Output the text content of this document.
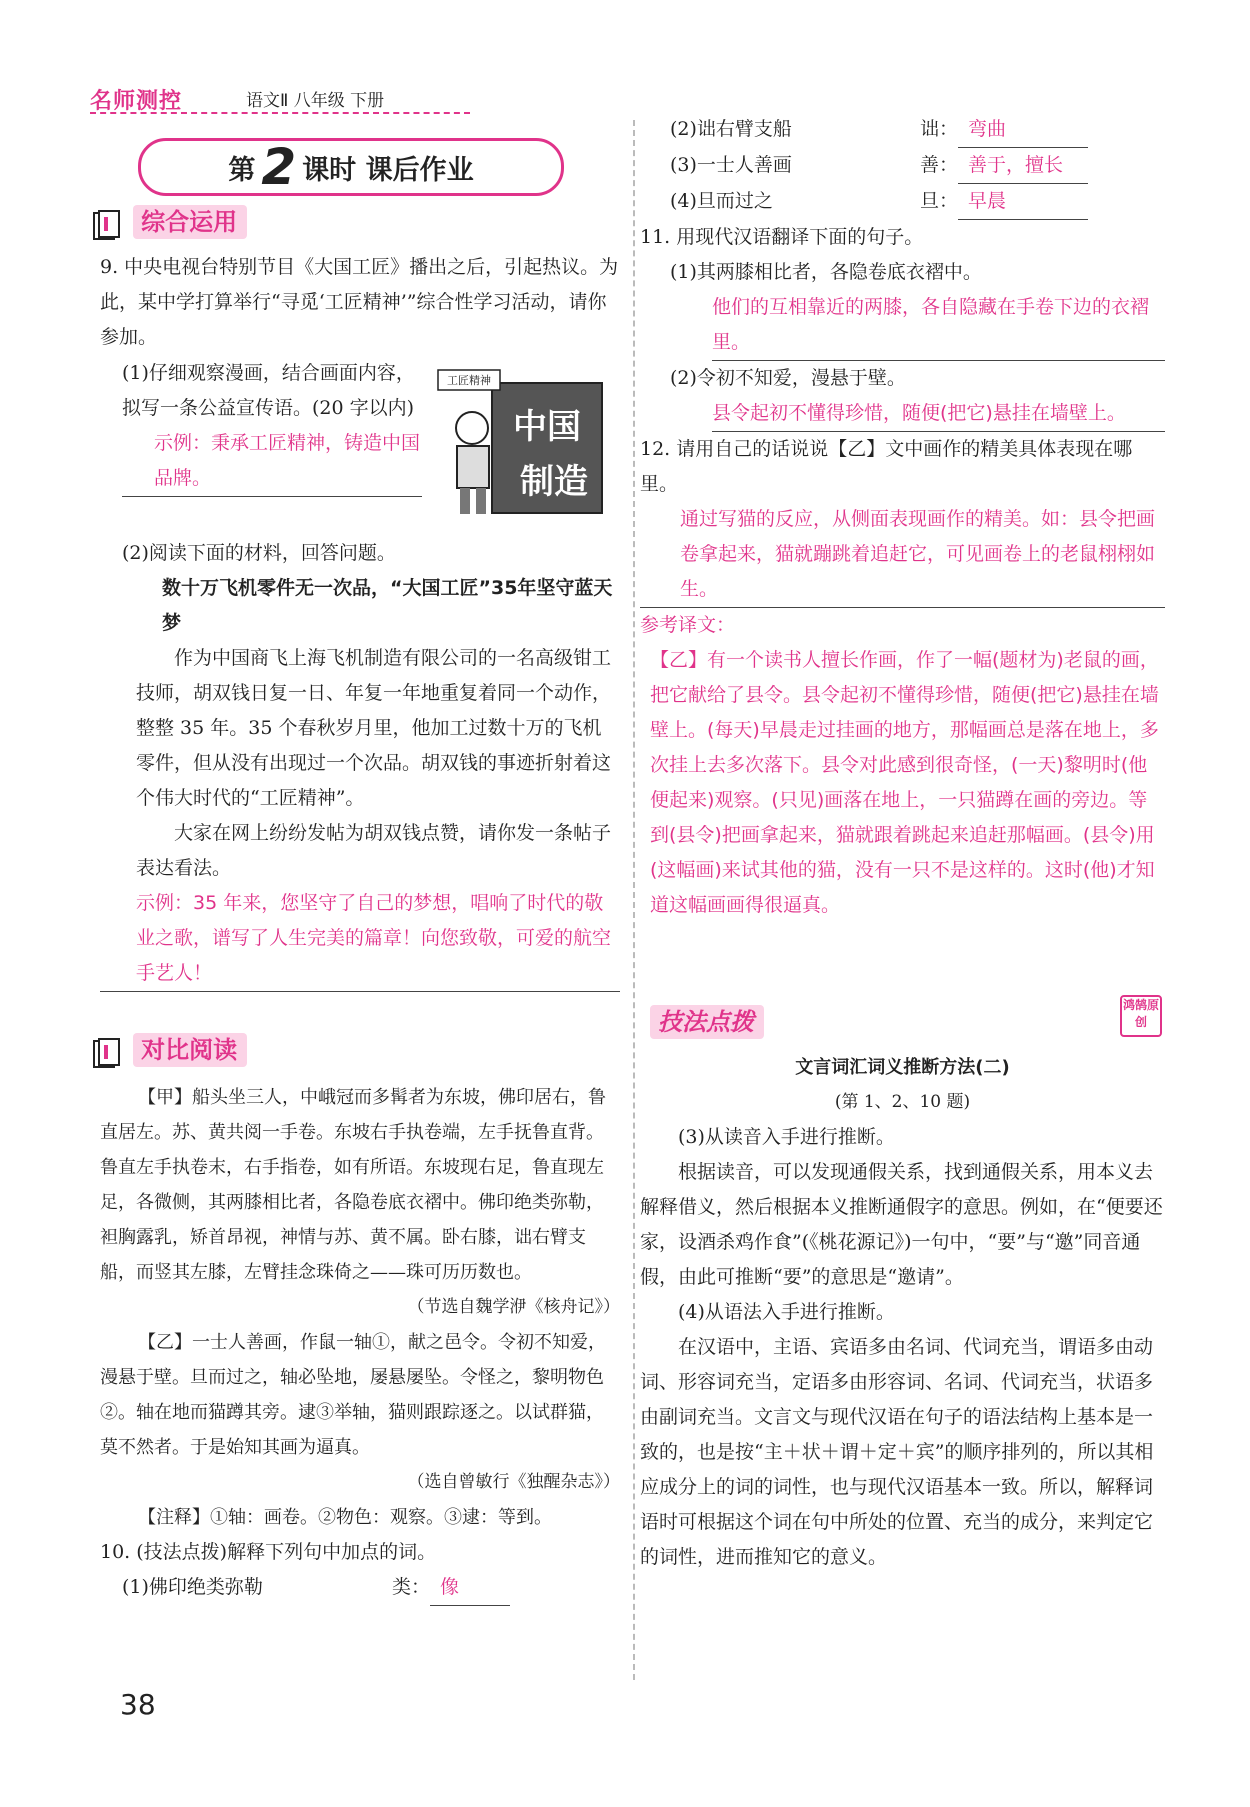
名师测控	语文Ⅱ 八年级 下册
第 2 课时 课后作业
综合运用

9. 中央电视台特别节目《大国工匠》播出之后，引起热议。为此，某中学打算举行“寻觅‘工匠精神’”综合性学习活动，请你参加。

(1)仔细观察漫画，结合画面内容，拟写一条公益宣传语。(20 字以内)

示例：秉承工匠精神，铸造中国品牌。
工匠精神
中国
制造

(2)阅读下面的材料，回答问题。

数十万飞机零件无一次品，“大国工匠”35年坚守蓝天梦

作为中国商飞上海飞机制造有限公司的一名高级钳工技师，胡双钱日复一日、年复一年地重复着同一个动作，整整 35 年。35 个春秋岁月里，他加工过数十万的飞机零件，但从没有出现过一个次品。胡双钱的事迹折射着这个伟大时代的“工匠精神”。

大家在网上纷纷发帖为胡双钱点赞，请你发一条帖子表达看法。

示例：35 年来，您坚守了自己的梦想，唱响了时代的敬业之歌，谱写了人生完美的篇章！向您致敬，可爱的航空手艺人！
对比阅读

【甲】船头坐三人，中峨冠而多髯者为东坡，佛印居右，鲁直居左。苏、黄共阅一手卷。东坡右手执卷端，左手抚鲁直背。鲁直左手执卷末，右手指卷，如有所语。东坡现右足，鲁直现左足，各微侧，其两膝相比者，各隐卷底衣褶中。佛印绝类弥勒，袒胸露乳，矫首昂视，神情与苏、黄不属。卧右膝，诎右臂支船，而竖其左膝，左臂挂念珠倚之——珠可历历数也。

（节选自魏学洢《核舟记》）

【乙】一士人善画，作鼠一轴①，献之邑令。令初不知爱，漫悬于壁。旦而过之，轴必坠地，屡悬屡坠。令怪之，黎明物色②。轴在地而猫蹲其旁。逮③举轴，猫则跟踪逐之。以试群猫，莫不然者。于是始知其画为逼真。

（选自曾敏行《独醒杂志》）

【注释】①轴：画卷。②物色：观察。③逮：等到。

10. (技法点拨)解释下列句中加点的词。

(1)佛印绝类弥勒	类： 像

38

(2)诎右臂支船	诎： 弯曲

(3)一士人善画	善： 善于，擅长

(4)旦而过之	旦： 早晨

11. 用现代汉语翻译下面的句子。

(1)其两膝相比者，各隐卷底衣褶中。

他们的互相靠近的两膝，各自隐藏在手卷下边的衣褶里。

(2)令初不知爱，漫悬于壁。

县令起初不懂得珍惜，随便(把它)悬挂在墙壁上。

12. 请用自己的话说说【乙】文中画作的精美具体表现在哪里。

通过写猫的反应，从侧面表现画作的精美。如：县令把画卷拿起来，猫就蹦跳着追赶它，可见画卷上的老鼠栩栩如生。
参考译文：
【乙】有一个读书人擅长作画，作了一幅(题材为)老鼠的画，把它献给了县令。县令起初不懂得珍惜，随便(把它)悬挂在墙壁上。(每天)早晨走过挂画的地方，那幅画总是落在地上，多次挂上去多次落下。县令对此感到很奇怪，(一天)黎明时(他便起来)观察。(只见)画落在地上，一只猫蹲在画的旁边。等到(县令)把画拿起来，猫就跟着跳起来追赶那幅画。(县令)用(这幅画)来试其他的猫，没有一只不是这样的。这时(他)才知道这幅画画得很逼真。
技法点拨
鸿鹄原创

文言词汇词义推断方法(二)

(第 1、2、10 题)

(3)从读音入手进行推断。

根据读音，可以发现通假关系，找到通假关系，用本义去解释借义，然后根据本义推断通假字的意思。例如，在“便要还家，设酒杀鸡作食”(《桃花源记》)一句中，“要”与“邀”同音通假，由此可推断“要”的意思是“邀请”。

(4)从语法入手进行推断。

在汉语中，主语、宾语多由名词、代词充当，谓语多由动词、形容词充当，定语多由形容词、名词、代词充当，状语多由副词充当。文言文与现代汉语在句子的语法结构上基本是一致的，也是按“主＋状＋谓＋定＋宾”的顺序排列的，所以其相应成分上的词的词性，也与现代汉语基本一致。所以，解释词语时可根据这个词在句中所处的位置、充当的成分，来判定它的词性，进而推知它的意义。
